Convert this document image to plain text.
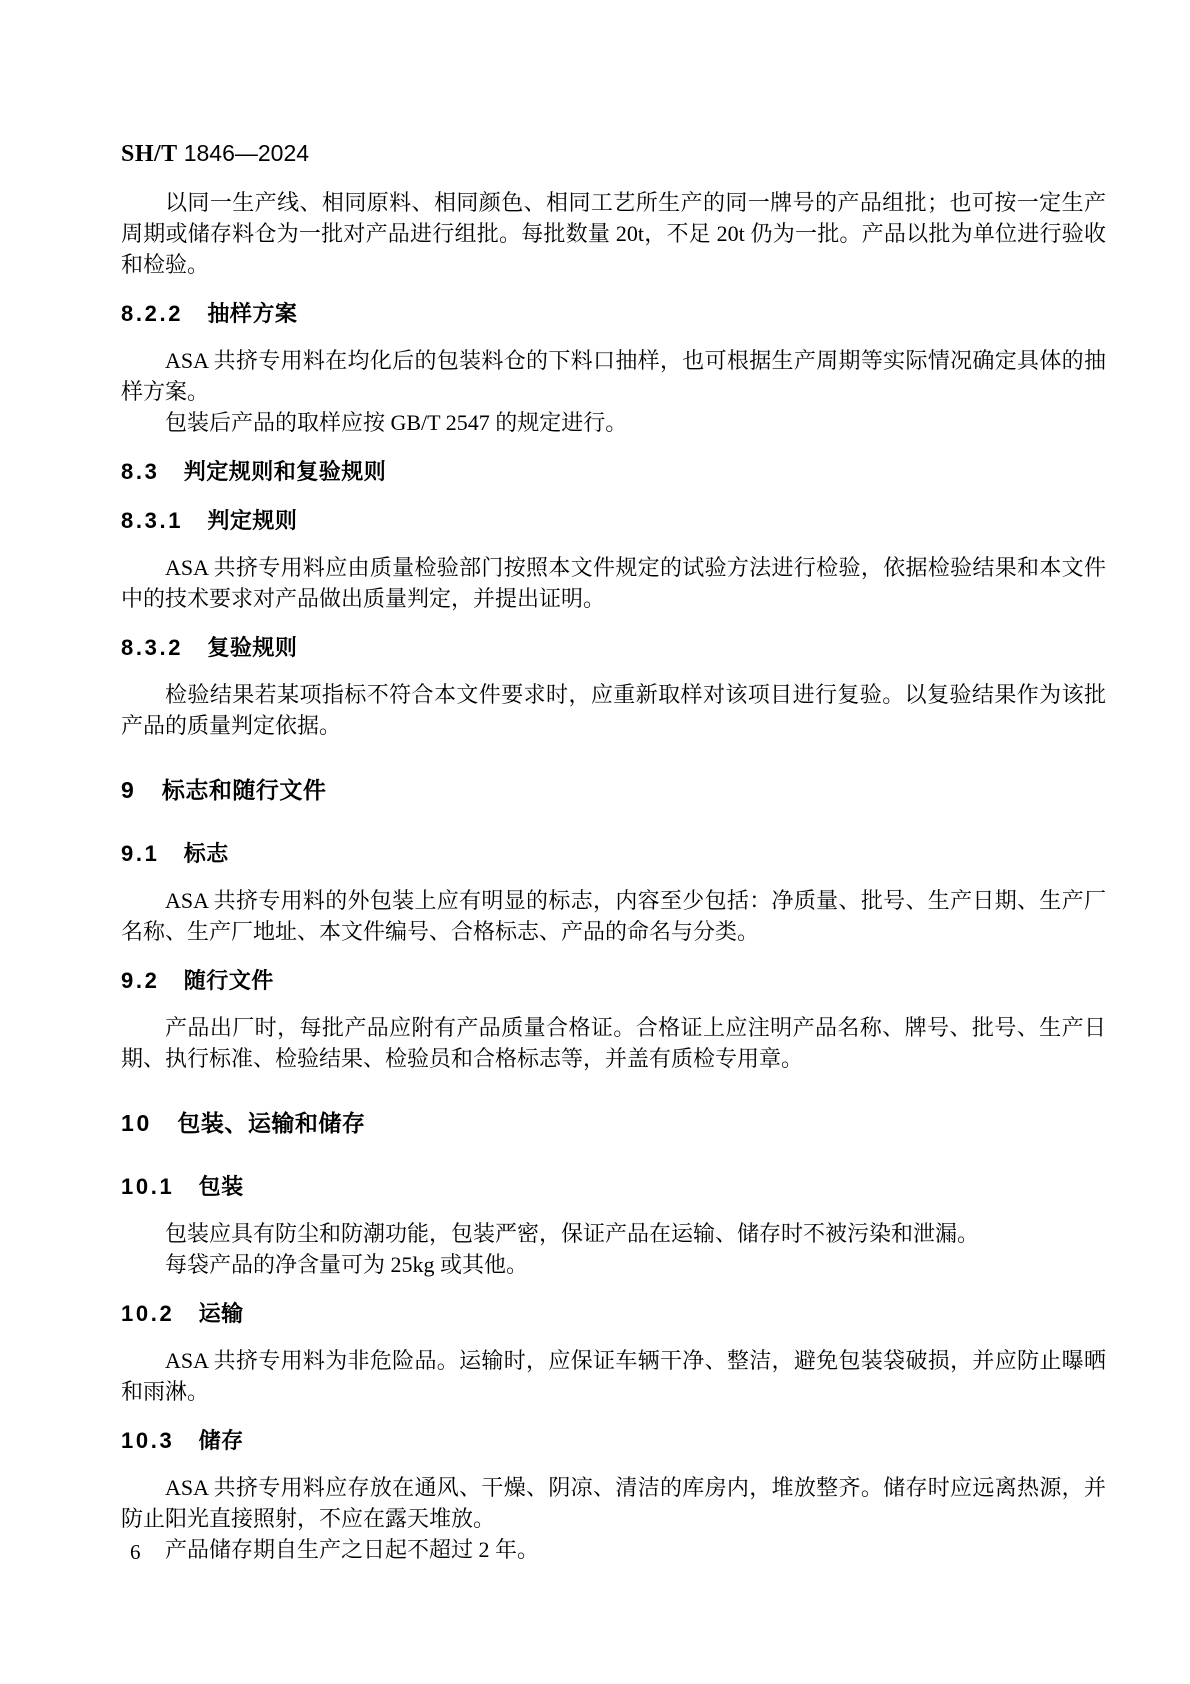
SH/T 1846—2024

以同一生产线、相同原料、相同颜色、相同工艺所生产的同一牌号的产品组批；也可按一定生产周期或储存料仓为一批对产品进行组批。每批数量 20t，不足 20t 仍为一批。产品以批为单位进行验收和检验。

8.2.2 抽样方案

ASA 共挤专用料在均化后的包装料仓的下料口抽样，也可根据生产周期等实际情况确定具体的抽样方案。

包装后产品的取样应按 GB/T 2547 的规定进行。

8.3 判定规则和复验规则
8.3.1 判定规则

ASA 共挤专用料应由质量检验部门按照本文件规定的试验方法进行检验，依据检验结果和本文件中的技术要求对产品做出质量判定，并提出证明。

8.3.2 复验规则

检验结果若某项指标不符合本文件要求时，应重新取样对该项目进行复验。以复验结果作为该批产品的质量判定依据。

9 标志和随行文件
9.1 标志

ASA 共挤专用料的外包装上应有明显的标志，内容至少包括：净质量、批号、生产日期、生产厂名称、生产厂地址、本文件编号、合格标志、产品的命名与分类。

9.2 随行文件

产品出厂时，每批产品应附有产品质量合格证。合格证上应注明产品名称、牌号、批号、生产日期、执行标准、检验结果、检验员和合格标志等，并盖有质检专用章。

10 包装、运输和储存
10.1 包装

包装应具有防尘和防潮功能，包装严密，保证产品在运输、储存时不被污染和泄漏。

每袋产品的净含量可为 25kg 或其他。

10.2 运输

ASA 共挤专用料为非危险品。运输时，应保证车辆干净、整洁，避免包装袋破损，并应防止曝晒和雨淋。

10.3 储存

ASA 共挤专用料应存放在通风、干燥、阴凉、清洁的库房内，堆放整齐。储存时应远离热源，并防止阳光直接照射，不应在露天堆放。

产品储存期自生产之日起不超过 2 年。

6
